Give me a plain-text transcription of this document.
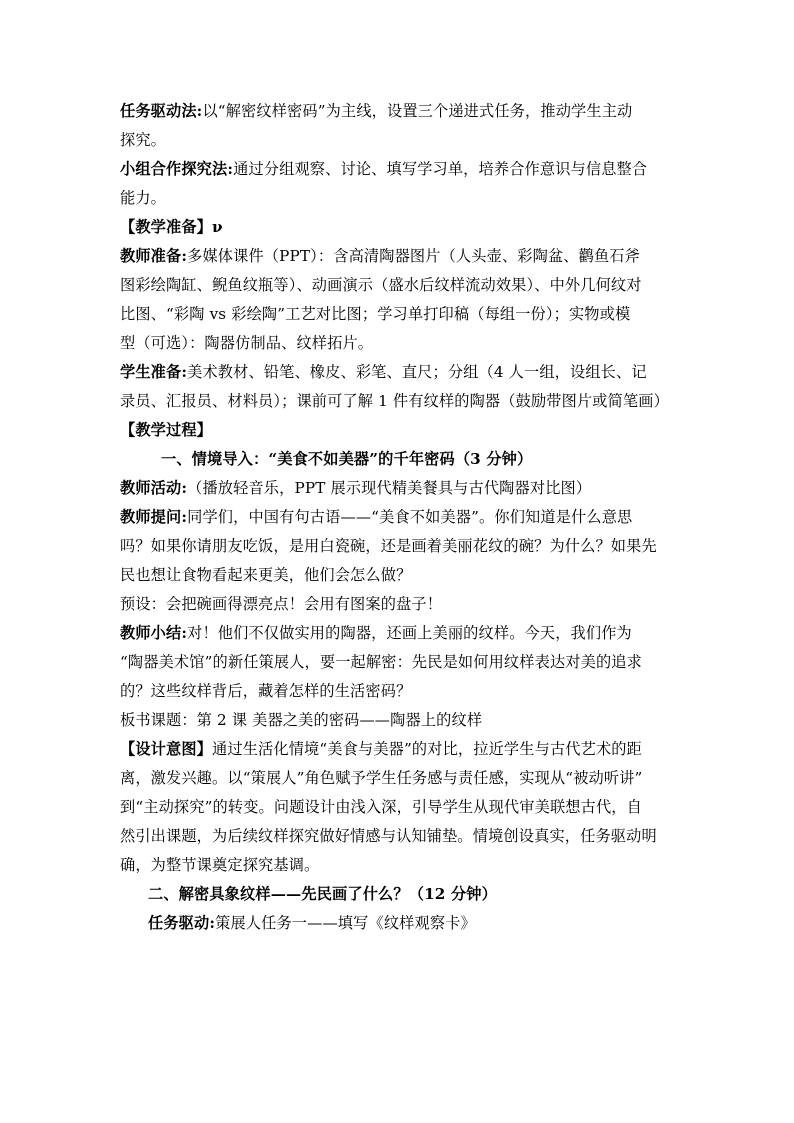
任务驱动法:以“解密纹样密码”为主线，设置三个递进式任务，推动学生主动
探究。
小组合作探究法:通过分组观察、讨论、填写学习单，培养合作意识与信息整合
能力。
【教学准备】ν
教师准备:多媒体课件（PPT）：含高清陶器图片（人头壶、彩陶盆、鹳鱼石斧
图彩绘陶缸、鲵鱼纹瓶等）、动画演示（盛水后纹样流动效果）、中外几何纹对
比图、“彩陶 vs 彩绘陶”工艺对比图；学习单打印稿（每组一份）；实物或模
型（可选）：陶器仿制品、纹样拓片。
学生准备:美术教材、铅笔、橡皮、彩笔、直尺；分组（4 人一组，设组长、记
录员、汇报员、材料员）；课前可了解 1 件有纹样的陶器（鼓励带图片或简笔画）
【教学过程】
一、情境导入：“美食不如美器”的千年密码（3 分钟）
教师活动:（播放轻音乐，PPT 展示现代精美餐具与古代陶器对比图）
教师提问:同学们，中国有句古语——“美食不如美器”。你们知道是什么意思
吗？如果你请朋友吃饭，是用白瓷碗，还是画着美丽花纹的碗？为什么？如果先
民也想让食物看起来更美，他们会怎么做？
预设：会把碗画得漂亮点！会用有图案的盘子！
教师小结:对！他们不仅做实用的陶器，还画上美丽的纹样。今天，我们作为
“陶器美术馆”的新任策展人，要一起解密：先民是如何用纹样表达对美的追求
的？这些纹样背后，藏着怎样的生活密码？
板书课题：第 2 课 美器之美的密码——陶器上的纹样
【设计意图】通过生活化情境“美食与美器”的对比，拉近学生与古代艺术的距
离，激发兴趣。以“策展人”角色赋予学生任务感与责任感，实现从“被动听讲”
到“主动探究”的转变。问题设计由浅入深，引导学生从现代审美联想古代，自
然引出课题，为后续纹样探究做好情感与认知铺垫。情境创设真实，任务驱动明
确，为整节课奠定探究基调。
二、解密具象纹样——先民画了什么？（12 分钟）
任务驱动:策展人任务一——填写《纹样观察卡》
